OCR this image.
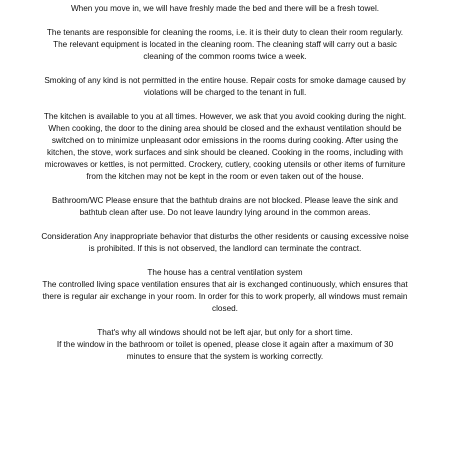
When you move in, we will have freshly made the bed and there will be a fresh towel.
The tenants are responsible for cleaning the rooms, i.e. it is their duty to clean their room regularly.
The relevant equipment is located in the cleaning room. The cleaning staff will carry out a basic
cleaning of the common rooms twice a week.
Smoking of any kind is not permitted in the entire house. Repair costs for smoke damage caused by
violations will be charged to the tenant in full.
The kitchen is available to you at all times. However, we ask that you avoid cooking during the night.
When cooking, the door to the dining area should be closed and the exhaust ventilation should be
switched on to minimize unpleasant odor emissions in the rooms during cooking. After using the
kitchen, the stove, work surfaces and sink should be cleaned. Cooking in the rooms, including with
microwaves or kettles, is not permitted. Crockery, cutlery, cooking utensils or other items of furniture
from the kitchen may not be kept in the room or even taken out of the house.
Bathroom/WC Please ensure that the bathtub drains are not blocked. Please leave the sink and
bathtub clean after use. Do not leave laundry lying around in the common areas.
Consideration Any inappropriate behavior that disturbs the other residents or causing excessive noise
is prohibited. If this is not observed, the landlord can terminate the contract.
The house has a central ventilation system
The controlled living space ventilation ensures that air is exchanged continuously, which ensures that
there is regular air exchange in your room. In order for this to work properly, all windows must remain
closed.
That's why all windows should not be left ajar, but only for a short time.
If the window in the bathroom or toilet is opened, please close it again after a maximum of 30
minutes to ensure that the system is working correctly.
